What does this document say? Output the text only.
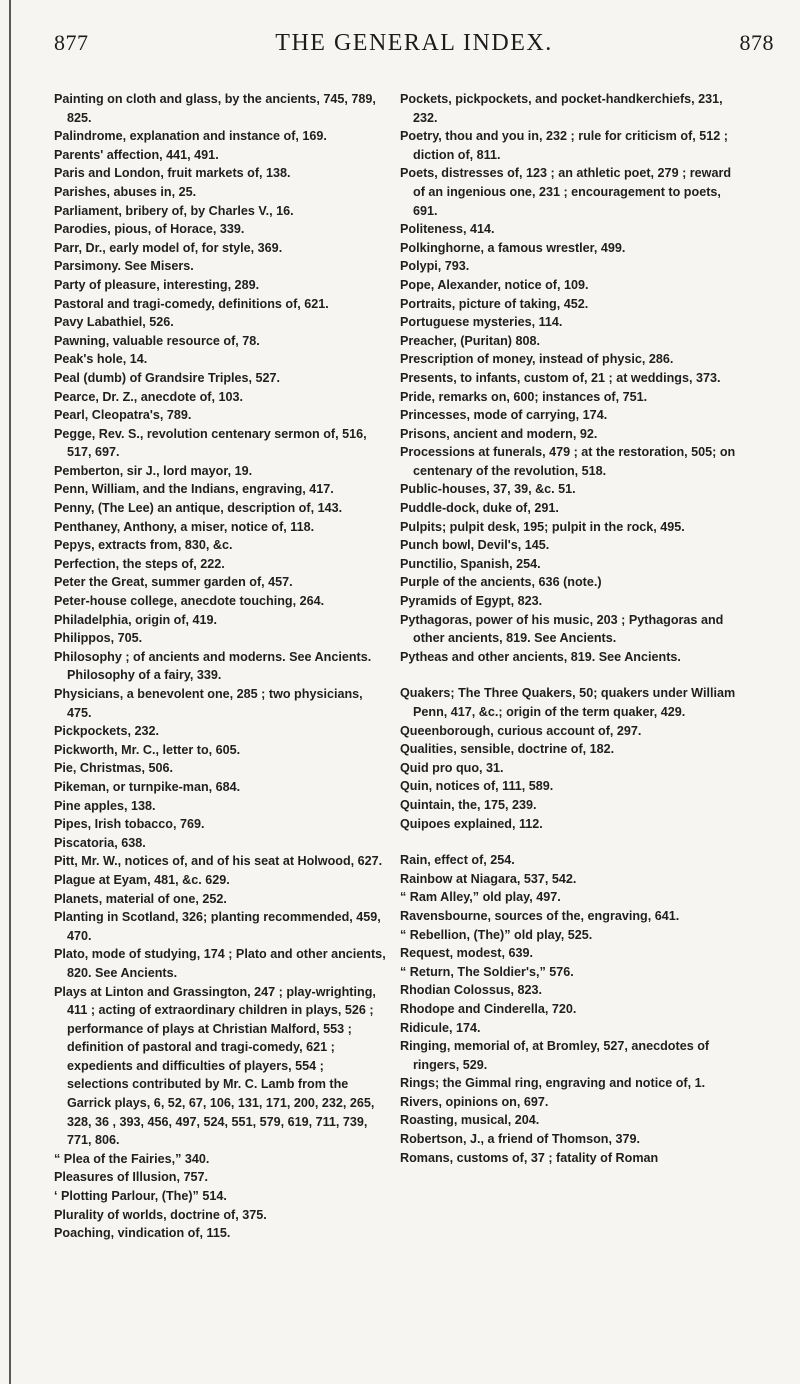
877	THE GENERAL INDEX.	878

Painting on cloth and glass, by the ancients, 745, 789, 825.

Palindrome, explanation and instance of, 169.

Parents' affection, 441, 491.

Paris and London, fruit markets of, 138.

Parishes, abuses in, 25.

Parliament, bribery of, by Charles V., 16.

Parodies, pious, of Horace, 339.

Parr, Dr., early model of, for style, 369.

Parsimony. See Misers.

Party of pleasure, interesting, 289.

Pastoral and tragi-comedy, definitions of, 621.

Pavy Labathiel, 526.

Pawning, valuable resource of, 78.

Peak's hole, 14.

Peal (dumb) of Grandsire Triples, 527.

Pearce, Dr. Z., anecdote of, 103.

Pearl, Cleopatra's, 789.

Pegge, Rev. S., revolution centenary sermon of, 516, 517, 697.

Pemberton, sir J., lord mayor, 19.

Penn, William, and the Indians, engraving, 417.

Penny, (The Lee) an antique, description of, 143.

Penthaney, Anthony, a miser, notice of, 118.

Pepys, extracts from, 830, &c.

Perfection, the steps of, 222.

Peter the Great, summer garden of, 457.

Peter-house college, anecdote touching, 264.

Philadelphia, origin of, 419.

Philippos, 705.

Philosophy ; of ancients and moderns. See Ancients. Philosophy of a fairy, 339.

Physicians, a benevolent one, 285 ; two physicians, 475.

Pickpockets, 232.

Pickworth, Mr. C., letter to, 605.

Pie, Christmas, 506.

Pikeman, or turnpike-man, 684.

Pine apples, 138.

Pipes, Irish tobacco, 769.

Piscatoria, 638.

Pitt, Mr. W., notices of, and of his seat at Holwood, 627.

Plague at Eyam, 481, &c. 629.

Planets, material of one, 252.

Planting in Scotland, 326; planting recommended, 459, 470.

Plato, mode of studying, 174 ; Plato and other ancients, 820. See Ancients.

Plays at Linton and Grassington, 247 ; play-wrighting, 411 ; acting of extraordinary children in plays, 526 ; performance of plays at Christian Malford, 553 ; definition of pastoral and tragi-comedy, 621 ; expedients and difficulties of players, 554 ; selections contributed by Mr. C. Lamb from the Garrick plays, 6, 52, 67, 106, 131, 171, 200, 232, 265, 328, 36 , 393, 456, 497, 524, 551, 579, 619, 711, 739, 771, 806.

“ Plea of the Fairies,” 340.

Pleasures of Illusion, 757.

‘ Plotting Parlour, (The)” 514.

Plurality of worlds, doctrine of, 375.

Poaching, vindication of, 115.

Pockets, pickpockets, and pocket-handkerchiefs, 231, 232.

Poetry, thou and you in, 232 ; rule for criticism of, 512 ; diction of, 811.

Poets, distresses of, 123 ; an athletic poet, 279 ; reward of an ingenious one, 231 ; encouragement to poets, 691.

Politeness, 414.

Polkinghorne, a famous wrestler, 499.

Polypi, 793.

Pope, Alexander, notice of, 109.

Portraits, picture of taking, 452.

Portuguese mysteries, 114.

Preacher, (Puritan) 808.

Prescription of money, instead of physic, 286.

Presents, to infants, custom of, 21 ; at weddings, 373.

Pride, remarks on, 600; instances of, 751.

Princesses, mode of carrying, 174.

Prisons, ancient and modern, 92.

Processions at funerals, 479 ; at the restoration, 505; on centenary of the revolution, 518.

Public-houses, 37, 39, &c. 51.

Puddle-dock, duke of, 291.

Pulpits; pulpit desk, 195; pulpit in the rock, 495.

Punch bowl, Devil's, 145.

Punctilio, Spanish, 254.

Purple of the ancients, 636 (note.)

Pyramids of Egypt, 823.

Pythagoras, power of his music, 203 ; Pythagoras and other ancients, 819. See Ancients.

Pytheas and other ancients, 819. See Ancients.

Quakers; The Three Quakers, 50; quakers under William Penn, 417, &c.; origin of the term quaker, 429.

Queenborough, curious account of, 297.

Qualities, sensible, doctrine of, 182.

Quid pro quo, 31.

Quin, notices of, 111, 589.

Quintain, the, 175, 239.

Quipoes explained, 112.

Rain, effect of, 254.

Rainbow at Niagara, 537, 542.

“ Ram Alley,” old play, 497.

Ravensbourne, sources of the, engraving, 641.

“ Rebellion, (The)” old play, 525.

Request, modest, 639.

“ Return, The Soldier's,” 576.

Rhodian Colossus, 823.

Rhodope and Cinderella, 720.

Ridicule, 174.

Ringing, memorial of, at Bromley, 527, anecdotes of ringers, 529.

Rings; the Gimmal ring, engraving and notice of, 1.

Rivers, opinions on, 697.

Roasting, musical, 204.

Robertson, J., a friend of Thomson, 379.

Romans, customs of, 37 ; fatality of Roman
